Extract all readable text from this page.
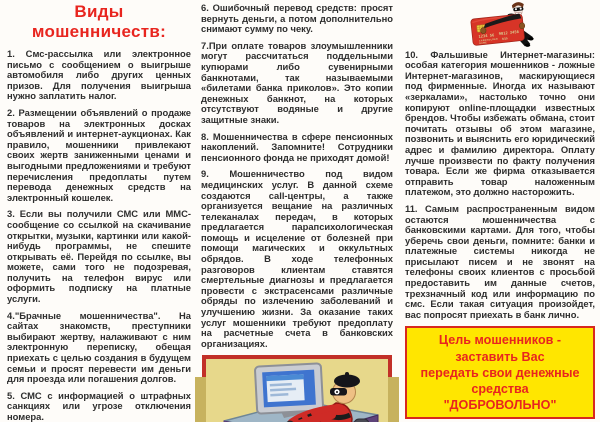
Виды мошенничеств:

1. Смс-рассылка или электронное письмо с сообщением о выигрыше автомобиля либо других ценных призов. Для получения выигрыша нужно заплатить налог.

2. Размещении объявлений о продаже товаров на электронных досках объявлений и интернет-аукционах. Как правило, мошенники привлекают своих жертв заниженными ценами и выгодными предложениями и требуют перечисления предоплаты путем перевода денежных средств на электронный кошелек.

3. Если вы получили СМС или ММС-сообщение со ссылкой на скачивание открытки, музыки, картинки или какой-нибудь программы, не спешите открывать её. Перейдя по ссылке, вы можете, сами того не подозревая, получить на телефон вирус или оформить подписку на платные услуги.

4."Брачные мошенничества". На сайтах знакомств, преступники выбирают жертву, налаживают с ним электронную переписку, обещая приехать с целью создания в будущем семьи и просят перевести им деньги для проезда или погашения долгов.

5. СМС с информацией о штрафных санкциях или угрозе отключения номера.

6. Ошибочный перевод средств: просят вернуть деньги, а потом дополнительно снимают сумму по чеку.

7.При оплате товаров злоумышленники могут рассчитаться поддельными купюрами либо сувенирными банкнотами, так называемыми «билетами банка приколов». Это копии денежных банкнот, на которых отсутствуют водяные и другие защитные знаки.

8. Мошенничества в сфере пенсионных накоплений. Запомните! Сотрудники пенсионного фонда не приходят домой!

9. Мошенничество под видом медицинских услуг. В данной схеме создаются call-центры, а также организуется вещание на различных телеканалах передач, в которых предлагается парапсихологическая помощь и исцеление от болезней при помощи магических и оккультных обрядов. В ходе телефонных разговоров клиентам ставятся смертельные диагнозы и предлагается провести с экстрасенсами различные обряды по излечению заболеваний и улучшению жизни. За оказание таких услуг мошенники требуют предоплату на расчетные счета в банковских организациях.

1234 56 9012 3456
CARDHOLDER
NAME
6/15

10. Фальшивые Интернет-магазины: особая категория мошенников - ложные Интернет-магазинов, маскирующиеся под фирменные. Иногда их называют «зеркалами», настолько точно они копируют online-площадки известных брендов. Чтобы избежать обмана, стоит почитать отзывы об этом магазине, позвонить и выяснить его юридический адрес и фамилию директора. Оплату лучше произвести по факту получения товара. Если же фирма отказывается отправить товар наложенным платежом, это должно насторожить.

11. Самым распространенным видом остаются мошенничества с банковскими картами. Для того, чтобы уберечь свои деньги, помните: банки и платежные системы никогда не присылают писем и не звонят на телефоны своих клиентов с просьбой предоставить им данные счетов, трехзначный код или информацию по смс. Если такая ситуация произойдет, вас попросят приехать в банк лично.

Цель мошенников - заставить Вас
передать свои денежные средства
"ДОБРОВОЛЬНО"
